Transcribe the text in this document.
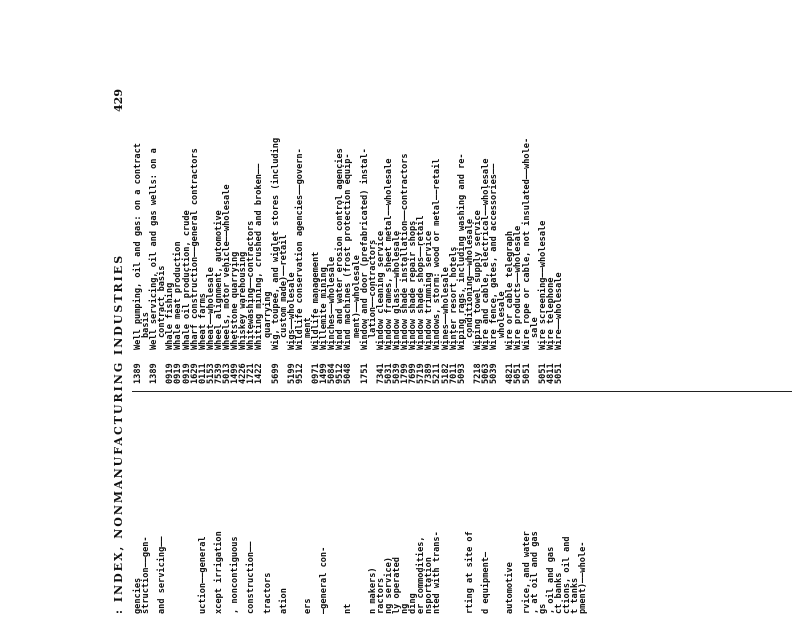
: INDEX, NONMANUFACTURING INDUSTRIES
429
gencies
struction——gen- and servicing——	uction——general xcept irrigation , noncontiguous construction—— tractors ation ers —general con- nt n makers)
ractors
ng service)
ly operated
ng
ding
er commodities,
nsportation
nted with trans-	rting at site of d equipment— automotive rvice, and water
, at oil and gas
gs
, oil and gas
ct banks
ctions, oil and
t tanks
pment)——whole-
1389Well pumping, oil and gas: on a contract
basis
1389Well servicing, oil and gas wells: on a
contract basis
0919Whale fishing
0919Whale meat production
0919Whale oil production, crude
1629Wharf construction——general contractors
0111Wheat farms
5153Wheat——wholesale
7539Wheel alignment, automotive
5013Wheels, motor vehicle——wholesale
1499Whetstone quarrying
4226Whiskey warehousing
1721Whitewashing——contractors
1422Whiting mining, crushed and broken——
quarrying
5699Wig, toupee, and wiglet stores (including
custom made)——retail
5199Wigs——wholesale
9512Wildlife conservation agencies——govern-
ment
0971Wildlife management
1499Willemite mining
5084Winches——wholesale
9512Wind and water erosion control agencies
5048Wind machines (frost protection equip-
ment)——wholesale
1751Window and door (prefabricated) instal-
lation——contractors
7341Window cleaning service
5031Window frames, sheet metal——wholesale
5039Window glass——wholesale
1799Window shade installation——contractors
7699Window shade repair shops
5719Window shade shops——retail
7389Window trimming service
5211Windows, storm: wood or metal——retail
5182Wines——wholesale
7011Winter resort hotels
5093Wiping rags, including washing and re-
conditioning——wholesale
7218Wiping towel supply service
5063Wire and cable, electrical——wholesale
5039Wire fence, gates, and accessories——
wholesale
4821Wire or cable telegraph
5051Wire products——wholesale
5051Wire rope or cable, not insulated——whole-
sale
5051Wire screening——wholesale
4811Wire telephone
5051Wire——wholesale
